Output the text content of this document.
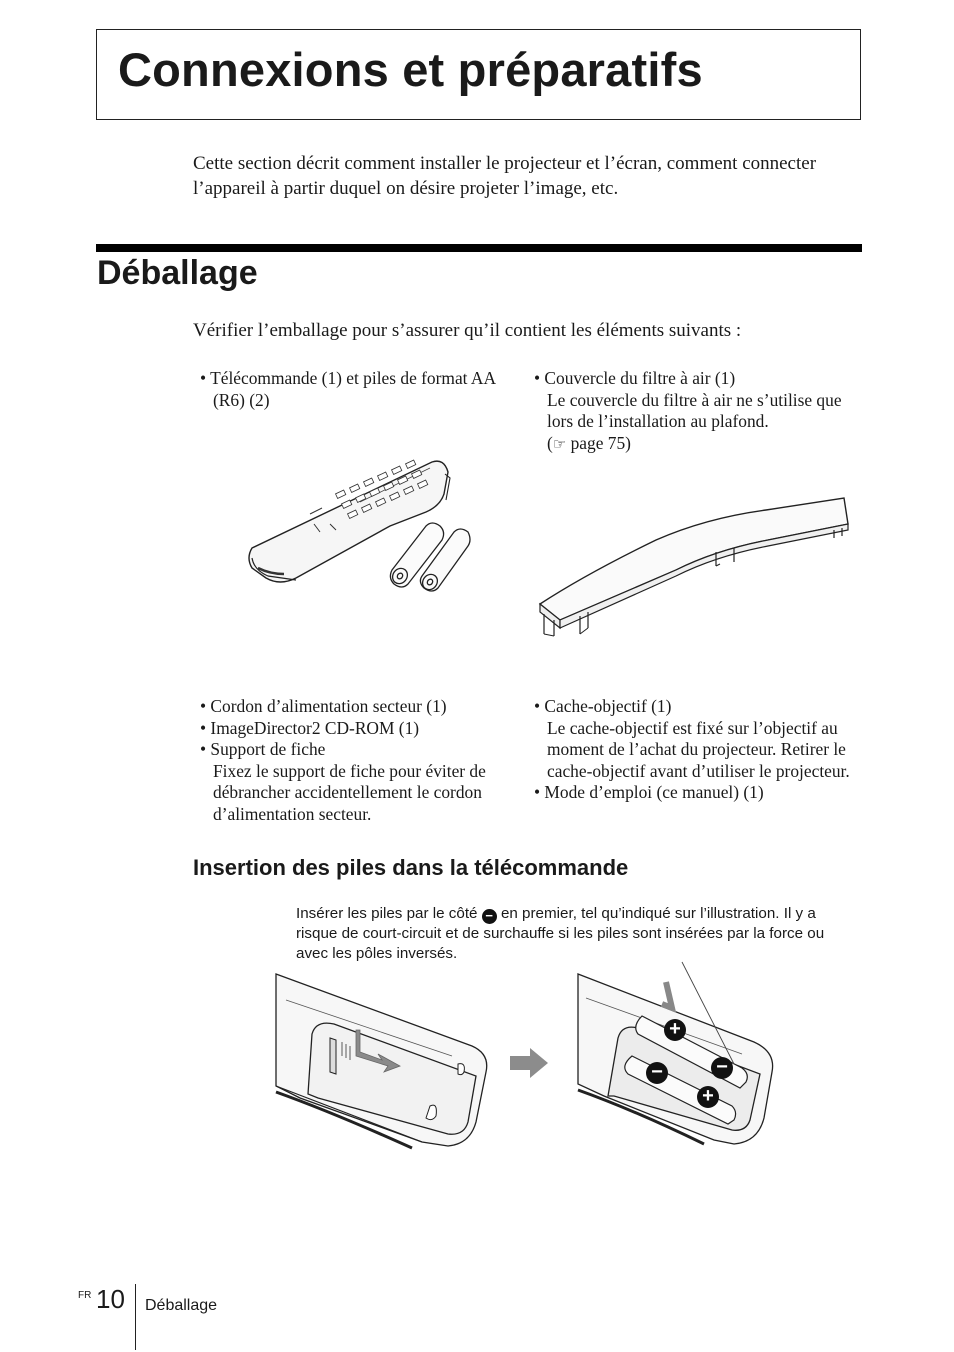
Connexions et préparatifs
Cette section décrit comment installer le projecteur et l’écran, comment connecter l’appareil à partir duquel on désire projeter l’image, etc.
Déballage
Vérifier l’emballage pour s’assurer qu’il contient les éléments suivants :
• Télécommande (1) et piles de format AA (R6) (2)
• Couvercle du filtre à air (1)
Le couvercle du filtre à air ne s’utilise que lors de l’installation au plafond.
(☞ page 75)
• Cordon d’alimentation secteur (1)
• ImageDirector2 CD-ROM (1)
• Support de fiche
Fixez le support de fiche pour éviter de débrancher accidentellement le cordon d’alimentation secteur.
• Cache-objectif (1)
Le cache-objectif est fixé sur l’objectif au moment de l’achat du projecteur. Retirer le cache-objectif avant d’utiliser le projecteur.
• Mode d’emploi (ce manuel) (1)
Insertion des piles dans la télécommande
Insérer les piles par le côté − en premier, tel qu’indiqué sur l’illustration. Il y a risque de court-circuit et de surchauffe si les piles sont insérées par la force ou avec les pôles inversés.
+
−
−
+
FR 10 Déballage
